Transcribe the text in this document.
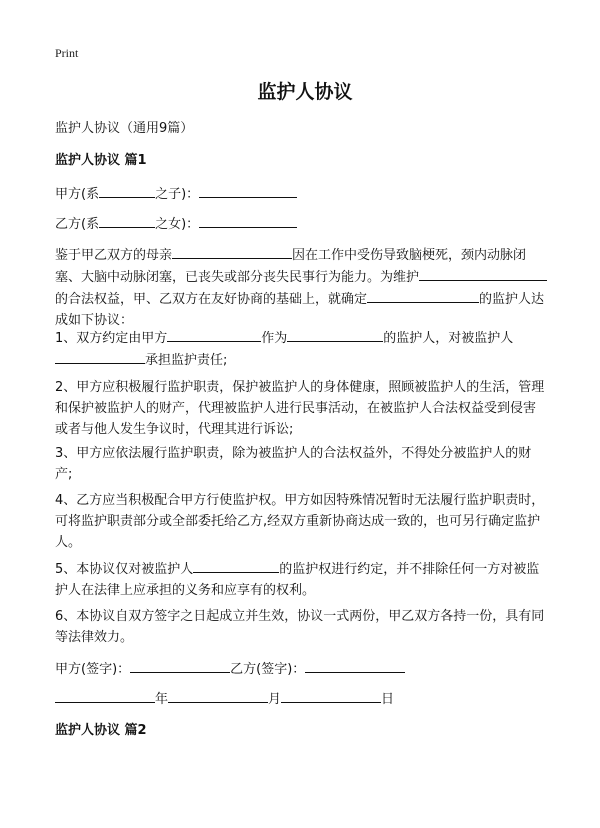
Print
监护人协议
监护人协议（通用9篇）
监护人协议 篇1
甲方(系	之子)：
乙方(系	之女)：
鉴于甲乙双方的母亲	因在工作中受伤导致脑梗死，颈内动脉闭塞、大脑中动脉闭塞，已丧失或部分丧失民事行为能力。为维护的合法权益，甲、乙双方在友好协商的基础上，就确定	的监护人达成如下协议：
1、双方约定由甲方	作为	的监护人，对被监护人承担监护责任;
2、甲方应积极履行监护职责，保护被监护人的身体健康，照顾被监护人的生活，管理和保护被监护人的财产，代理被监护人进行民事活动，在被监护人合法权益受到侵害或者与他人发生争议时，代理其进行诉讼;
3、甲方应依法履行监护职责，除为被监护人的合法权益外，不得处分被监护人的财产;
4、乙方应当积极配合甲方行使监护权。甲方如因特殊情况暂时无法履行监护职责时，可将监护职责部分或全部委托给乙方,经双方重新协商达成一致的，也可另行确定监护人。
5、本协议仅对被监护人	的监护权进行约定，并不排除任何一方对被监护人在法律上应承担的义务和应享有的权利。
6、本协议自双方签字之日起成立并生效，协议一式两份，甲乙双方各持一份，具有同等法律效力。
甲方(签字)：	乙方(签字)：
年	月	日
监护人协议 篇2
